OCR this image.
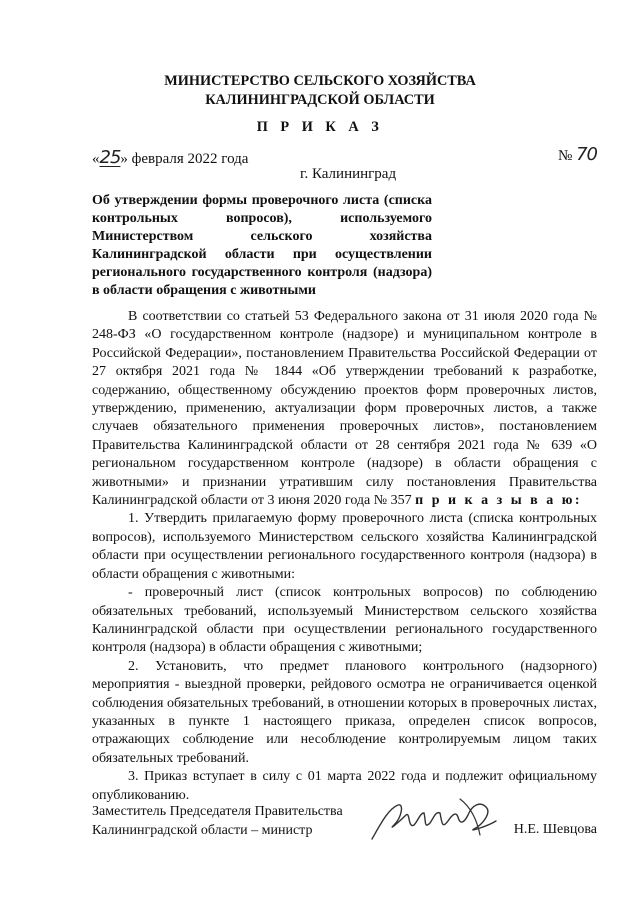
МИНИСТЕРСТВО СЕЛЬСКОГО ХОЗЯЙСТВА
КАЛИНИНГРАДСКОЙ ОБЛАСТИ
П Р И К А З
«25» февраля 2022 года	№ 70
г. Калининград
Об утверждении формы проверочного листа (списка контрольных вопросов), используемого Министерством сельского хозяйства Калининградской области при осуществлении регионального государственного контроля (надзора) в области обращения с животными

В соответствии со статьей 53 Федерального закона от 31 июля 2020 года № 248-ФЗ «О государственном контроле (надзоре) и муниципальном контроле в Российской Федерации», постановлением Правительства Российской Федерации от 27 октября 2021 года № 1844 «Об утверждении требований к разработке, содержанию, общественному обсуждению проектов форм проверочных листов, утверждению, применению, актуализации форм проверочных листов, а также случаев обязательного применения проверочных листов», постановлением Правительства Калининградской области от 28 сентября 2021 года № 639 «О региональном государственном контроле (надзоре) в области обращения с животными» и признании утратившим силу постановления Правительства Калининградской области от 3 июня 2020 года № 357 п р и к а з ы в а ю:

1. Утвердить прилагаемую форму проверочного листа (списка контрольных вопросов), используемого Министерством сельского хозяйства Калининградской области при осуществлении регионального государственного контроля (надзора) в области обращения с животными:

- проверочный лист (список контрольных вопросов) по соблюдению обязательных требований, используемый Министерством сельского хозяйства Калининградской области при осуществлении регионального государственного контроля (надзора) в области обращения с животными;

2. Установить, что предмет планового контрольного (надзорного) мероприятия - выездной проверки, рейдового осмотра не ограничивается оценкой соблюдения обязательных требований, в отношении которых в проверочных листах, указанных в пункте 1 настоящего приказа, определен список вопросов, отражающих соблюдение или несоблюдение контролируемым лицом таких обязательных требований.

3. Приказ вступает в силу с 01 марта 2022 года и подлежит официальному опубликованию.

Заместитель Председателя Правительства
Калининградской области – министр	Н.Е. Шевцова
